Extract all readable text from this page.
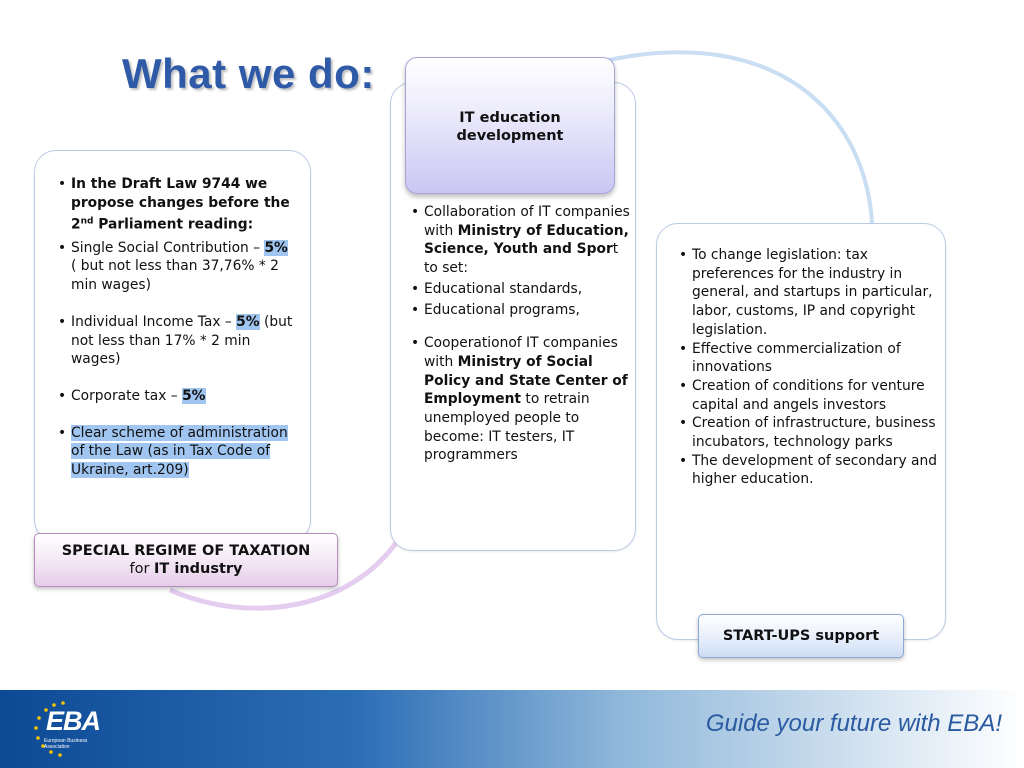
What we do:
• In the Draft Law 9744 we propose changes before the 2nd Parliament reading:
• Single Social Contribution – 5% ( but not less than 37,76% * 2 min wages)
• Individual Income Tax – 5% (but not less than 17% * 2 min wages)
• Corporate tax – 5%
• Clear scheme of administration of the Law (as in Tax Code of Ukraine, art.209)
SPECIAL REGIME OF TAXATION
for IT industry
• Collaboration of IT companies with Ministry of Education, Science, Youth and Sport to set:
• Educational standards,
• Educational programs,
• Cooperationof IT companies with Ministry of Social Policy and State Center of Employment to retrain unemployed people to become: IT testers, IT programmers
IT education development
• To change legislation: tax preferences for the industry in general, and startups in particular, labor, customs, IP and copyright legislation.
• Effective commercialization of innovations
• Creation of conditions for venture capital and angels investors
• Creation of infrastructure, business incubators, technology parks
• The development of secondary and higher education.
START-UPS support
EBA
European Business Association
Guide your future with EBA!
